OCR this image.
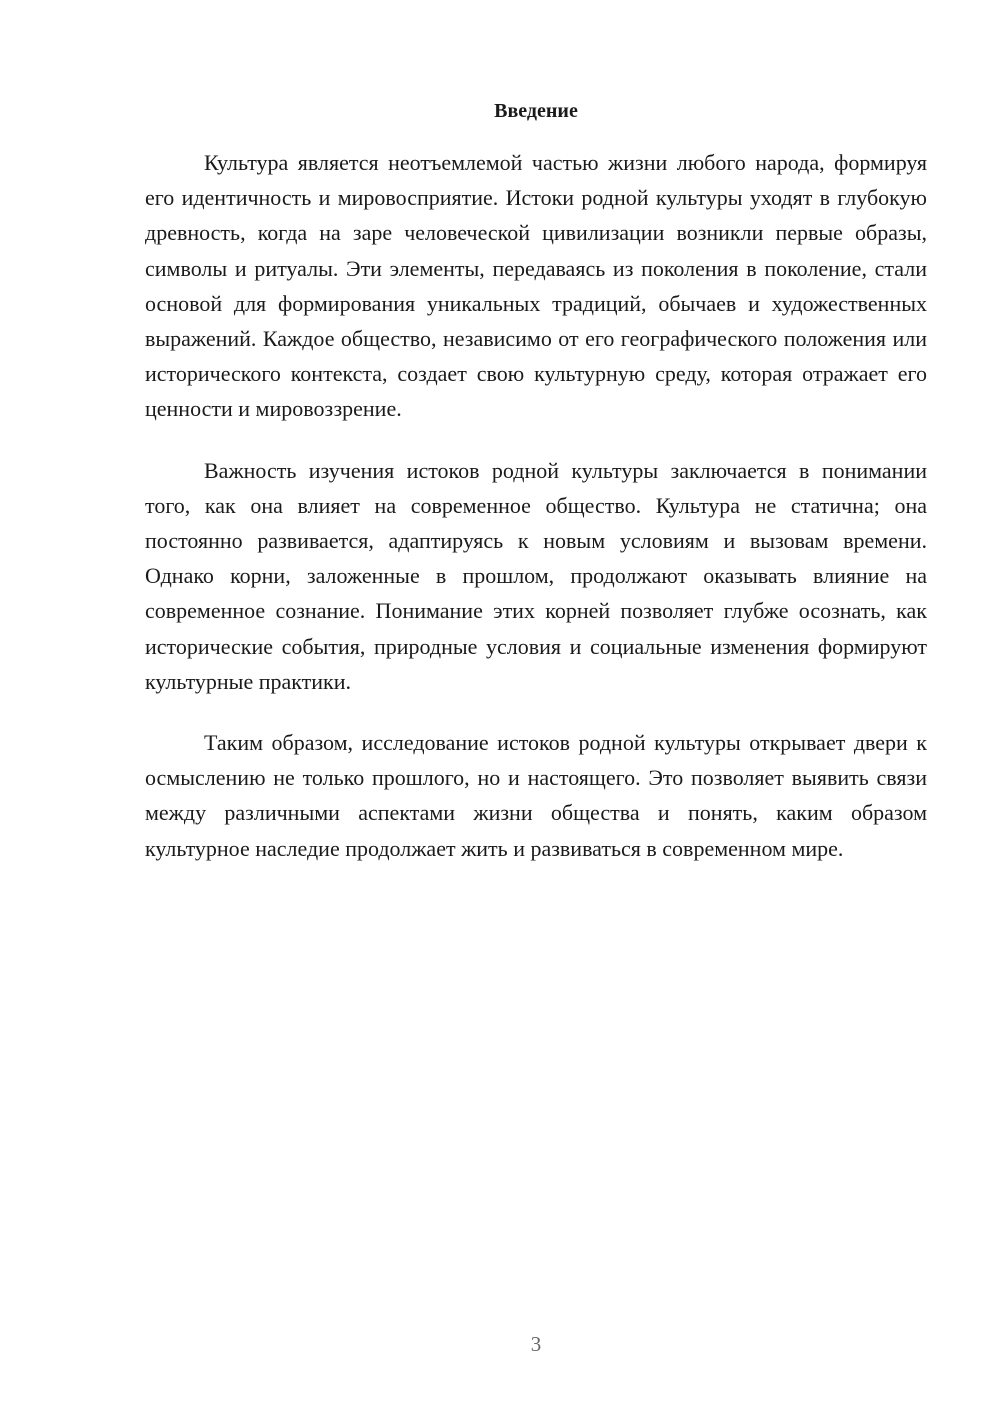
Введение

Культура является неотъемлемой частью жизни любого народа, формируя его идентичность и мировосприятие. Истоки родной культуры уходят в глубокую древность, когда на заре человеческой цивилизации возникли первые образы, символы и ритуалы. Эти элементы, передаваясь из поколения в поколение, стали основой для формирования уникальных традиций, обычаев и художественных выражений. Каждое общество, независимо от его географического положения или исторического контекста, создает свою культурную среду, которая отражает его ценности и мировоззрение.

Важность изучения истоков родной культуры заключается в понимании того, как она влияет на современное общество. Культура не статична; она постоянно развивается, адаптируясь к новым условиям и вызовам времени. Однако корни, заложенные в прошлом, продолжают оказывать влияние на современное сознание. Понимание этих корней позволяет глубже осознать, как исторические события, природные условия и социальные изменения формируют культурные практики.

Таким образом, исследование истоков родной культуры открывает двери к осмыслению не только прошлого, но и настоящего. Это позволяет выявить связи между различными аспектами жизни общества и понять, каким образом культурное наследие продолжает жить и развиваться в современном мире.

3
